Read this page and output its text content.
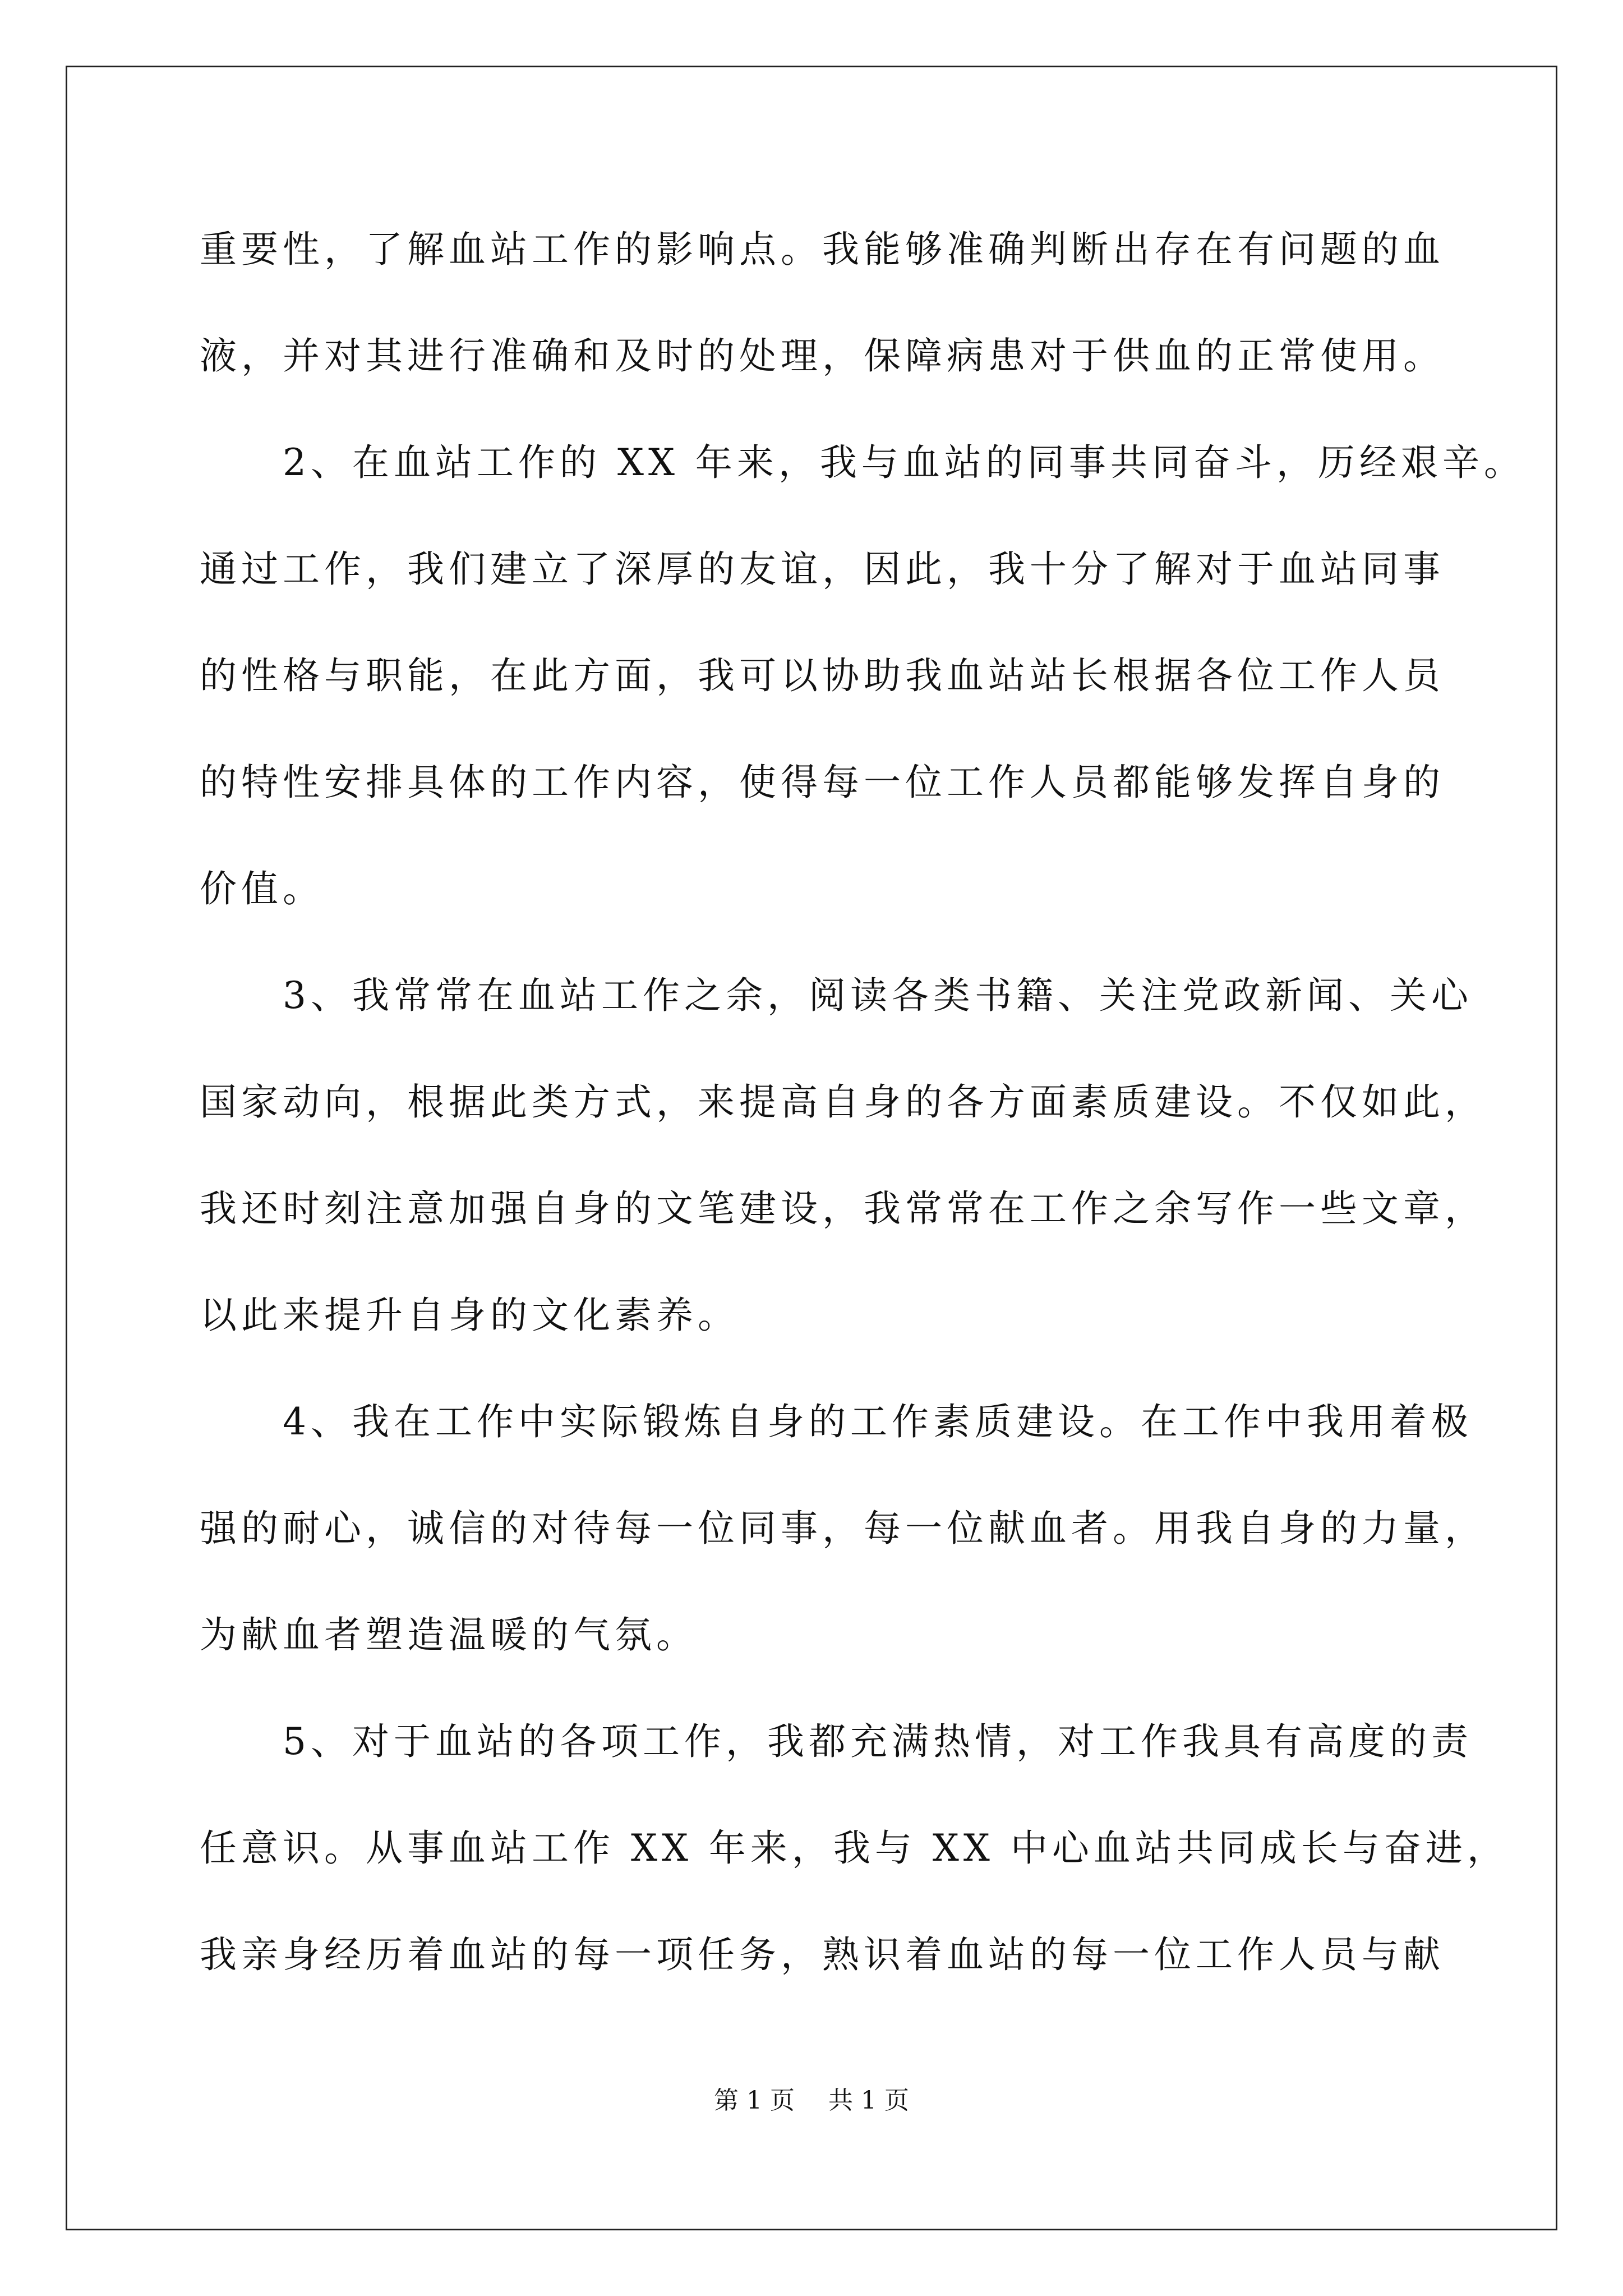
重要性，了解血站工作的影响点。我能够准确判断出存在有问题的血
液，并对其进行准确和及时的处理，保障病患对于供血的正常使用。
　　2、在血站工作的 XX 年来，我与血站的同事共同奋斗，历经艰辛。
通过工作，我们建立了深厚的友谊，因此，我十分了解对于血站同事
的性格与职能，在此方面，我可以协助我血站站长根据各位工作人员
的特性安排具体的工作内容，使得每一位工作人员都能够发挥自身的
价值。
　　3、我常常在血站工作之余，阅读各类书籍、关注党政新闻、关心
国家动向，根据此类方式，来提高自身的各方面素质建设。不仅如此，
我还时刻注意加强自身的文笔建设，我常常在工作之余写作一些文章，
以此来提升自身的文化素养。
　　4、我在工作中实际锻炼自身的工作素质建设。在工作中我用着极
强的耐心，诚信的对待每一位同事，每一位献血者。用我自身的力量，
为献血者塑造温暖的气氛。
　　5、对于血站的各项工作，我都充满热情，对工作我具有高度的责
任意识。从事血站工作 XX 年来，我与 XX 中心血站共同成长与奋进，
我亲身经历着血站的每一项任务，熟识着血站的每一位工作人员与献
第 1 页 共 1 页
